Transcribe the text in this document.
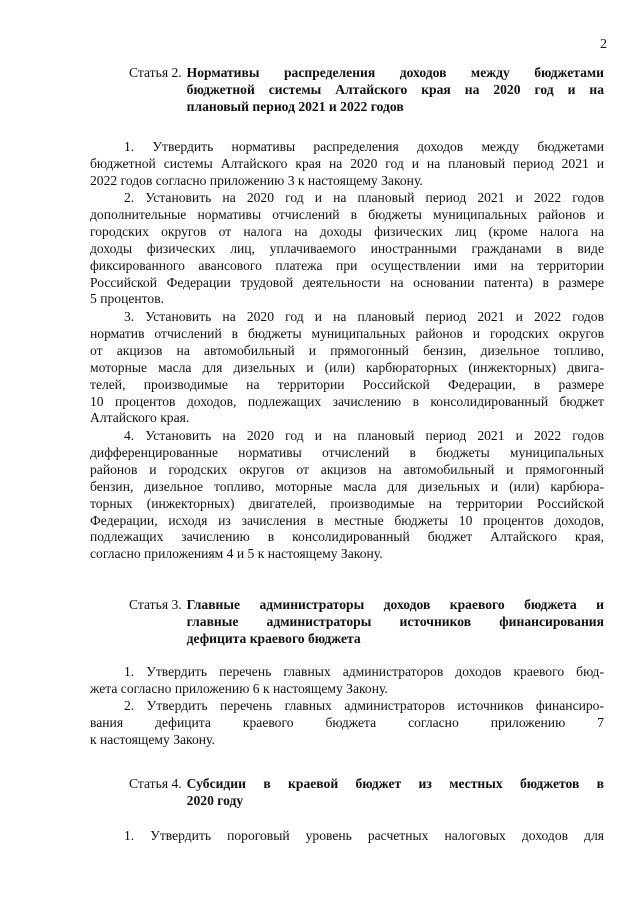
2
Статья 2. Нормативы распределения доходов между бюджетами
бюджетной системы Алтайского края на 2020 год и на
плановый период 2021 и 2022 годов
1. Утвердить нормативы распределения доходов между бюджетами
бюджетной системы Алтайского края на 2020 год и на плановый период 2021 и
2022 годов согласно приложению 3 к настоящему Закону.
2. Установить на 2020 год и на плановый период 2021 и 2022 годов
дополнительные нормативы отчислений в бюджеты муниципальных районов и
городских округов от налога на доходы физических лиц (кроме налога на
доходы физических лиц, уплачиваемого иностранными гражданами в виде
фиксированного авансового платежа при осуществлении ими на территории
Российской Федерации трудовой деятельности на основании патента) в размере
5 процентов.
3. Установить на 2020 год и на плановый период 2021 и 2022 годов
норматив отчислений в бюджеты муниципальных районов и городских округов
от акцизов на автомобильный и прямогонный бензин, дизельное топливо,
моторные масла для дизельных и (или) карбюраторных (инжекторных) двига-
телей, производимые на территории Российской Федерации, в размере
10 процентов доходов, подлежащих зачислению в консолидированный бюджет
Алтайского края.
4. Установить на 2020 год и на плановый период 2021 и 2022 годов
дифференцированные нормативы отчислений в бюджеты муниципальных
районов и городских округов от акцизов на автомобильный и прямогонный
бензин, дизельное топливо, моторные масла для дизельных и (или) карбюра-
торных (инжекторных) двигателей, производимые на территории Российской
Федерации, исходя из зачисления в местные бюджеты 10 процентов доходов,
подлежащих зачислению в консолидированный бюджет Алтайского края,
согласно приложениям 4 и 5 к настоящему Закону.
Статья 3. Главные администраторы доходов краевого бюджета и
главные администраторы источников финансирования
дефицита краевого бюджета
1. Утвердить перечень главных администраторов доходов краевого бюд-
жета согласно приложению 6 к настоящему Закону.
2. Утвердить перечень главных администраторов источников финансиро-
вания дефицита краевого бюджета согласно приложению 7
к настоящему Закону.
Статья 4. Субсидии в краевой бюджет из местных бюджетов в
2020 году
1. Утвердить пороговый уровень расчетных налоговых доходов для
